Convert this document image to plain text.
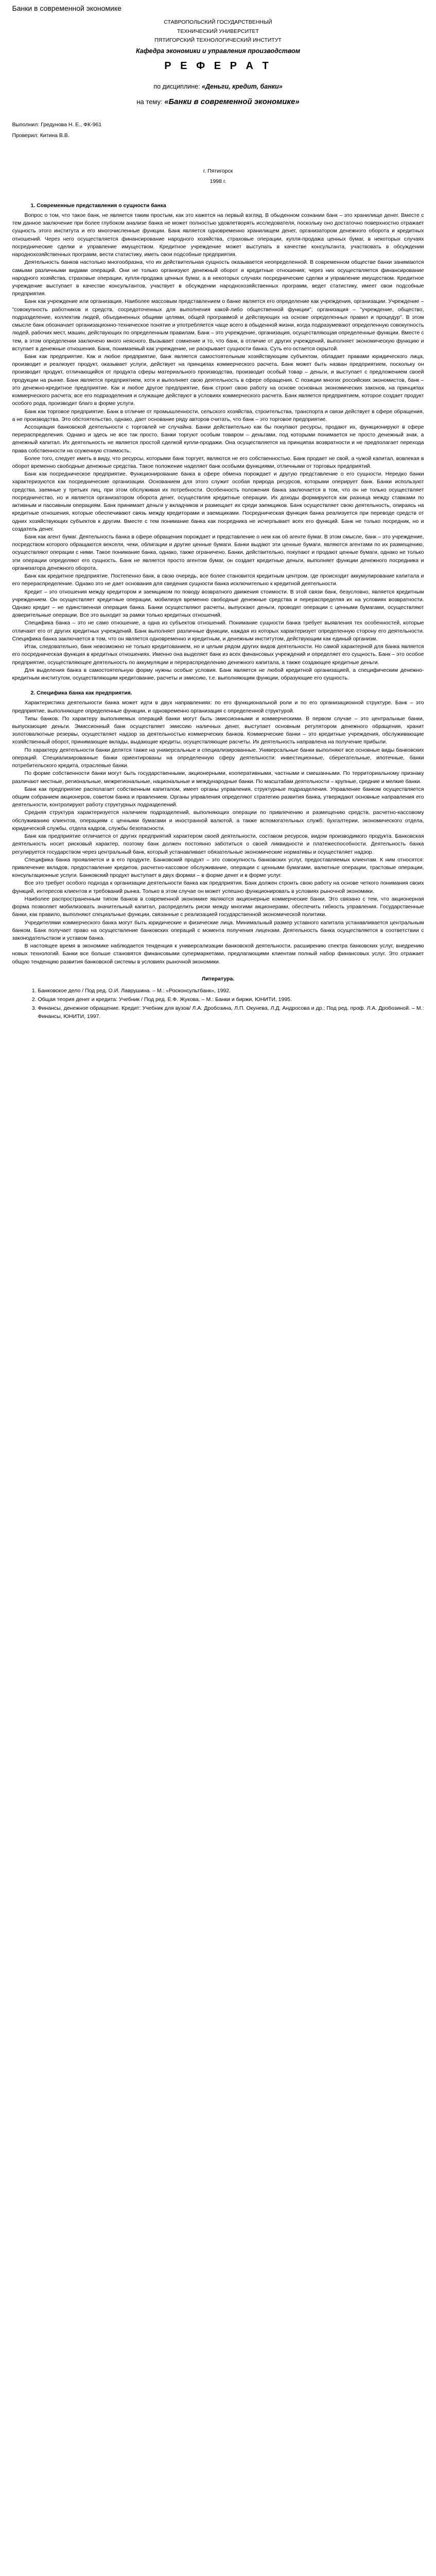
Банки в современной экономике
СТАВРОПОЛЬСКИЙ ГОСУДАРСТВЕННЫЙ
ТЕХНИЧЕСКИЙ УНИВЕРСИТЕТ
ПЯТИГОРСКИЙ ТЕХНОЛОГИЧЕСКИЙ ИНСТИТУТ
Кафедра экономики и управления производством
Р Е Ф Е Р А Т
по дисциплине: «Деньги, кредит, банки»
на тему: «Банки в современной экономике»
Выполнил: Гредунова Н. Е., ФК-961
Проверил: Китина В.В.
г. Пятигорск
1998 г.
1. Современные представления о сущности банка

Вопрос о том, что такое банк, не является таким простым, как это кажется на первый взгляд. В обыденном сознании банк – это хранилище денег. Вместе с тем данное заключение при более глубоком анализе банка не может полностью удовлетворять исследователя, поскольку оно достаточно поверхностно отражает сущность этого института и его многочисленные функции. Банк является одновременно хранилищем денег, организатором денежного оборота и кредитных отношений. Через него осуществляется финансирование народного хозяйства, страховые операции, купля-продажа ценных бумаг, в некоторых случаях посреднические сделки и управление имуществом. Кредитное учреждение может выступать в качестве консультанта, участвовать в обсуждении народнохозяйственных программ, вести статистику, иметь свои подсобные предприятия.

Деятельность банков настолько многообразна, что их действительная сущность оказывается неопределенной. В современном обществе банки занимаются самыми различными видами операций. Они не только организуют денежный оборот и кредитные отношения; через них осуществляется финансирование народного хозяйства, страховые операции, купля-продажа ценных бумаг, а в некоторых случаях посреднические сделки и управление имуществом. Кредитное учреждение выступает в качестве консультантов, участвует в обсуждении народнохозяйственных программ, ведет статистику, имеет свои подсобные предприятия.

Банк как учреждение или организация. Наиболее массовым представлением о банке является его определение как учреждения, организации. Учреждение – "совокупность работников и средств, сосредоточенных для выполнения какой-либо общественной функции"; организация – "учреждение, общество, подразделение, коллектив людей, объединенных общими целями, общей программой и действующих на основе определенных правил и процедур". В этом смысле банк обозначает организационно-техническое понятие и употребляется чаще всего в обыденной жизни, когда подразумевают определенную совокупность людей, рабочих мест, машин, действующих по определенным правилам. Банк – это учреждение, организация, осуществляющая определенные функции. Вместе с тем, в этом определении заключено много неясного. Вызывает сомнение и то, что банк, в отличие от других учреждений, выполняет экономическую функцию и вступает в денежные отношения. Банк, понимаемый как учреждение, не раскрывает сущности банка. Суть его остается скрытой.

Банк как предприятие. Как и любое предприятие, банк является самостоятельным хозяйствующим субъектом, обладает правами юридического лица, производит и реализует продукт, оказывает услуги, действует на принципах коммерческого расчета. Банк может быть назван предприятием, поскольку он производит продукт, отличающийся от продукта сферы материального производства, производит особый товар – деньги, и выступает с предложением своей продукции на рынке. Банк является предприятием, хотя и выполняет свою деятельность в сфере обращения. С позиции многих российских экономистов, банк – это денежно-кредитное предприятие. Как и любое другое предприятие, банк строит свою работу на основе основных экономических законов, на принципах коммерческого расчета; все его подразделения и служащие действуют в условиях коммерческого расчета. Банк является предприятием, которое создает продукт особого рода, производит благо в форме услуги.

Банк как торговое предприятие. Банк в отличие от промышленности, сельского хозяйства, строительства, транспорта и связи действует в сфере обращения, а не производства. Это обстоятельство, однако, дает основание ряду авторов считать, что банк – это торговое предприятие.

Ассоциация банковской деятельности с торговлей не случайна. Банки действительно как бы покупают ресурсы, продают их, функционируют в сфере перераспределения. Однако и здесь не все так просто. Банки торгуют особым товаром – деньгами, под которыми понимается не просто денежный знак, а денежный капитал. Их деятельность не является простой сделкой купли-продажи. Она осуществляется на принципах возвратности и не предполагает перехода права собственности на ссуженную стоимость.

Более того, следует иметь в виду, что ресурсы, которыми банк торгует, являются не его собственностью. Банк продает не свой, а чужой капитал, вовлекая в оборот временно свободные денежные средства. Такое положение наделяет банк особыми функциями, отличными от торговых предприятий.

Банк как посредническое предприятие. Функционирование банка в сфере обмена порождает и другую представление о его сущности. Нередко банки характеризуются как посреднические организации. Основанием для этого служит особая природа ресурсов, которыми оперирует банк. Банки используют средства, заемные у третьих лиц, при этом обслуживая их потребности. Особенность положения банка заключается в том, что он не только осуществляет посредничество, но и является организатором оборота денег, осуществляя кредитные операции. Их доходы формируются как разница между ставками по активным и пассивным операциям. Банк принимает деньги у вкладчиков и размещает их среди заемщиков. Банк осуществляет свою деятельность, опираясь на кредитные отношения, которые обеспечивают связь между кредиторами и заемщиками. Посредническая функция банка реализуется при переводе средств от одних хозяйствующих субъектов к другим. Вместе с тем понимание банка как посредника не исчерпывает всех его функций. Банк не только посредник, но и создатель денег.

Банк как агент бумаг. Деятельность банка в сфере обращения порождает и представление о нем как об агенте бумаг. В этом смысле, банк – это учреждение, посредством которого обращаются векселя, чеки, облигации и другие ценные бумаги. Банки выдают эти ценные бумаги, являются агентами по их размещению, осуществляют операции с ними. Такое понимание банка, однако, также ограничено. Банки, действительно, покупают и продают ценные бумаги, однако не только эти операции определяют его сущность. Банк не является просто агентом бумаг, он создает кредитные деньги, выполняет функции денежного посредника и организатора денежного оборота.

Банк как кредитное предприятие. Постепенно банк, в свою очередь, все более становится кредитным центром, где происходит аккумулирование капитала и его перераспределение. Однако это не дает основания для сведения сущности банка исключительно к кредитной деятельности.

Кредит – это отношения между кредитором и заемщиком по поводу возвратного движения стоимости. В этой связи банк, безусловно, является кредитным учреждением. Он осуществляет кредитные операции, мобилизуя временно свободные денежные средства и перераспределяя их на условиях возвратности. Однако кредит – не единственная операция банка. Банки осуществляют расчеты, выпускают деньги, проводят операции с ценными бумагами, осуществляют доверительные операции. Все это выходит за рамки только кредитных отношений.

Специфика банка – это не само отношение, а одна из субъектов отношений. Понимание сущности банка требует выявления тех особенностей, которые отличают его от других кредитных учреждений. Банк выполняет различные функции, каждая из которых характеризует определенную сторону его деятельности. Специфика банка заключается в том, что он является одновременно и кредитным, и денежным институтом, действующим как единый организм.

Итак, следовательно, банк невозможно не только кредитованием, но и целым рядом других видов деятельности. Но самой характерной для банка является его посредническая функция в кредитных отношениях. Именно она выделяет банк из всех финансовых учреждений и определяет его сущность. Банк – это особое предприятие, осуществляющее деятельность по аккумуляции и перераспределению денежного капитала, а также создающее кредитные деньги.

Для выделения банка в самостоятельную форму нужны особые условия. Банк является не любой кредитной организацией, а специфическим денежно-кредитным институтом, осуществляющим кредитование, расчеты и эмиссию, т.е. выполняющим функции, образующие его сущность.

2. Специфика банка как предприятия.

Характеристика деятельности банка может идти в двух направлениях: по его функциональной роли и по его организационной структуре. Банк – это предприятие, выполняющее определенные функции, и одновременно организация с определенной структурой.

Типы банков. По характеру выполняемых операций банки могут быть эмиссионными и коммерческими. В первом случае – это центральные банки, выпускающие деньги. Эмиссионный банк осуществляет эмиссию наличных денег, выступает основным регулятором денежного обращения, хранит золотовалютные резервы, осуществляет надзор за деятельностью коммерческих банков. Коммерческие банки – это кредитные учреждения, обслуживающие хозяйственный оборот, принимающие вклады, выдающие кредиты, осуществляющие расчеты. Их деятельность направлена на получение прибыли.

По характеру деятельности банки делятся также на универсальные и специализированные. Универсальные банки выполняют все основные виды банковских операций. Специализированные банки ориентированы на определенную сферу деятельности: инвестиционные, сберегательные, ипотечные, банки потребительского кредита, отраслевые банки.

По форме собственности банки могут быть государственными, акционерными, кооперативными, частными и смешанными. По территориальному признаку различают местные, региональные, межрегиональные, национальные и международные банки. По масштабам деятельности – крупные, средние и мелкие банки.

Банк как предприятие располагает собственным капиталом, имеет органы управления, структурные подразделения. Управление банком осуществляется общим собранием акционеров, советом банка и правлением. Органы управления определяют стратегию развития банка, утверждают основные направления его деятельности, контролируют работу структурных подразделений.

Средняя структура характеризуется наличием подразделений, выполняющих операции по привлечению и размещению средств, расчетно-кассовому обслуживанию клиентов, операциям с ценными бумагами и иностранной валютой, а также вспомогательных служб: бухгалтерии, экономического отдела, юридической службы, отдела кадров, службы безопасности.

Банк как предприятие отличается от других предприятий характером своей деятельности, составом ресурсов, видом производимого продукта. Банковская деятельность носит рисковый характер, поэтому банк должен постоянно заботиться о своей ликвидности и платежеспособности. Деятельность банка регулируется государством через центральный банк, который устанавливает обязательные экономические нормативы и осуществляет надзор.

Специфика банка проявляется и в его продукте. Банковский продукт – это совокупность банковских услуг, предоставляемых клиентам. К ним относятся: привлечение вкладов, предоставление кредитов, расчетно-кассовое обслуживание, операции с ценными бумагами, валютные операции, трастовые операции, консультационные услуги. Банковский продукт выступает в двух формах – в форме денег и в форме услуг.

Все это требует особого подхода к организации деятельности банка как предприятия. Банк должен строить свою работу на основе четкого понимания своих функций, интересов клиентов и требований рынка. Только в этом случае он может успешно функционировать в условиях рыночной экономики.

Наиболее распространенным типом банков в современной экономике являются акционерные коммерческие банки. Это связано с тем, что акционерная форма позволяет мобилизовать значительный капитал, распределить риски между многими акционерами, обеспечить гибкость управления. Государственные банки, как правило, выполняют специальные функции, связанные с реализацией государственной экономической политики.

Учредителями коммерческого банка могут быть юридические и физические лица. Минимальный размер уставного капитала устанавливается центральным банком. Банк получает право на осуществление банковских операций с момента получения лицензии. Деятельность банка осуществляется в соответствии с законодательством и уставом банка.

В настоящее время в экономике наблюдается тенденция к универсализации банковской деятельности, расширению спектра банковских услуг, внедрению новых технологий. Банки все больше становятся финансовыми супермаркетами, предлагающими клиентам полный набор финансовых услуг. Это отражает общую тенденцию развития банковской системы в условиях рыночной экономики.

Литература.
1. Банковское дело / Под ред. О.И. Лаврушина. – М.: «Росконсультбанк», 1992.
2. Общая теория денег и кредита: Учебник / Под ред. Е.Ф. Жукова. – М.: Банки и биржи, ЮНИТИ, 1995.
3. Финансы, денежное обращение. Кредит: Учебник для вузов/ Л.А. Дробозина, Л.П. Окунева, Л.Д. Андросова и др.; Под ред. проф. Л.А. Дробозиной. – М.: Финансы, ЮНИТИ, 1997.
